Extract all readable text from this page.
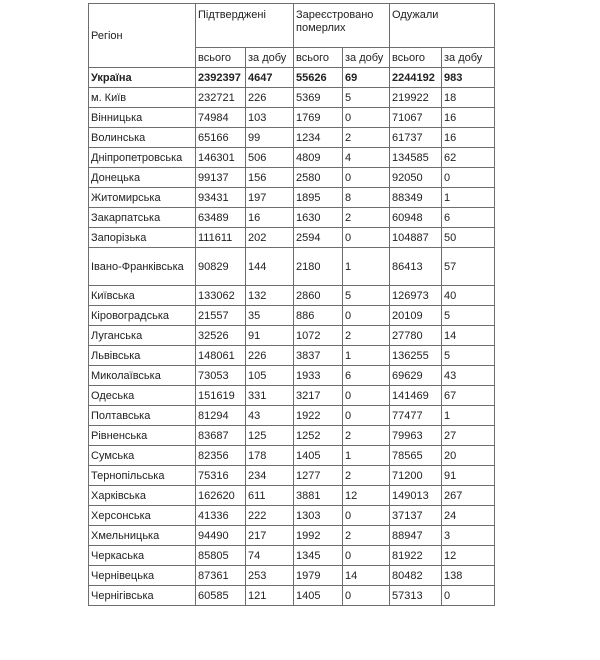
Регіон	Підтверджені		Зареєстровано померлих		Одужали	
	всього	за добу	всього	за добу	всього	за добу
Україна	2392397	4647	55626	69	2244192	983
м. Київ	232721	226	5369	5	219922	18
Вінницька	74984	103	1769	0	71067	16
Волинська	65166	99	1234	2	61737	16
Дніпропетровська	146301	506	4809	4	134585	62
Донецька	99137	156	2580	0	92050	0
Житомирська	93431	197	1895	8	88349	1
Закарпатська	63489	16	1630	2	60948	6
Запорізька	111611	202	2594	0	104887	50
Івано-Франківська	90829	144	2180	1	86413	57
Київська	133062	132	2860	5	126973	40
Кіровоградська	21557	35	886	0	20109	5
Луганська	32526	91	1072	2	27780	14
Львівська	148061	226	3837	1	136255	5
Миколаївська	73053	105	1933	6	69629	43
Одеська	151619	331	3217	0	141469	67
Полтавська	81294	43	1922	0	77477	1
Рівненська	83687	125	1252	2	79963	27
Сумська	82356	178	1405	1	78565	20
Тернопільська	75316	234	1277	2	71200	91
Харківська	162620	611	3881	12	149013	267
Херсонська	41336	222	1303	0	37137	24
Хмельницька	94490	217	1992	2	88947	3
Черкаська	85805	74	1345	0	81922	12
Чернівецька	87361	253	1979	14	80482	138
Чернігівська	60585	121	1405	0	57313	0
